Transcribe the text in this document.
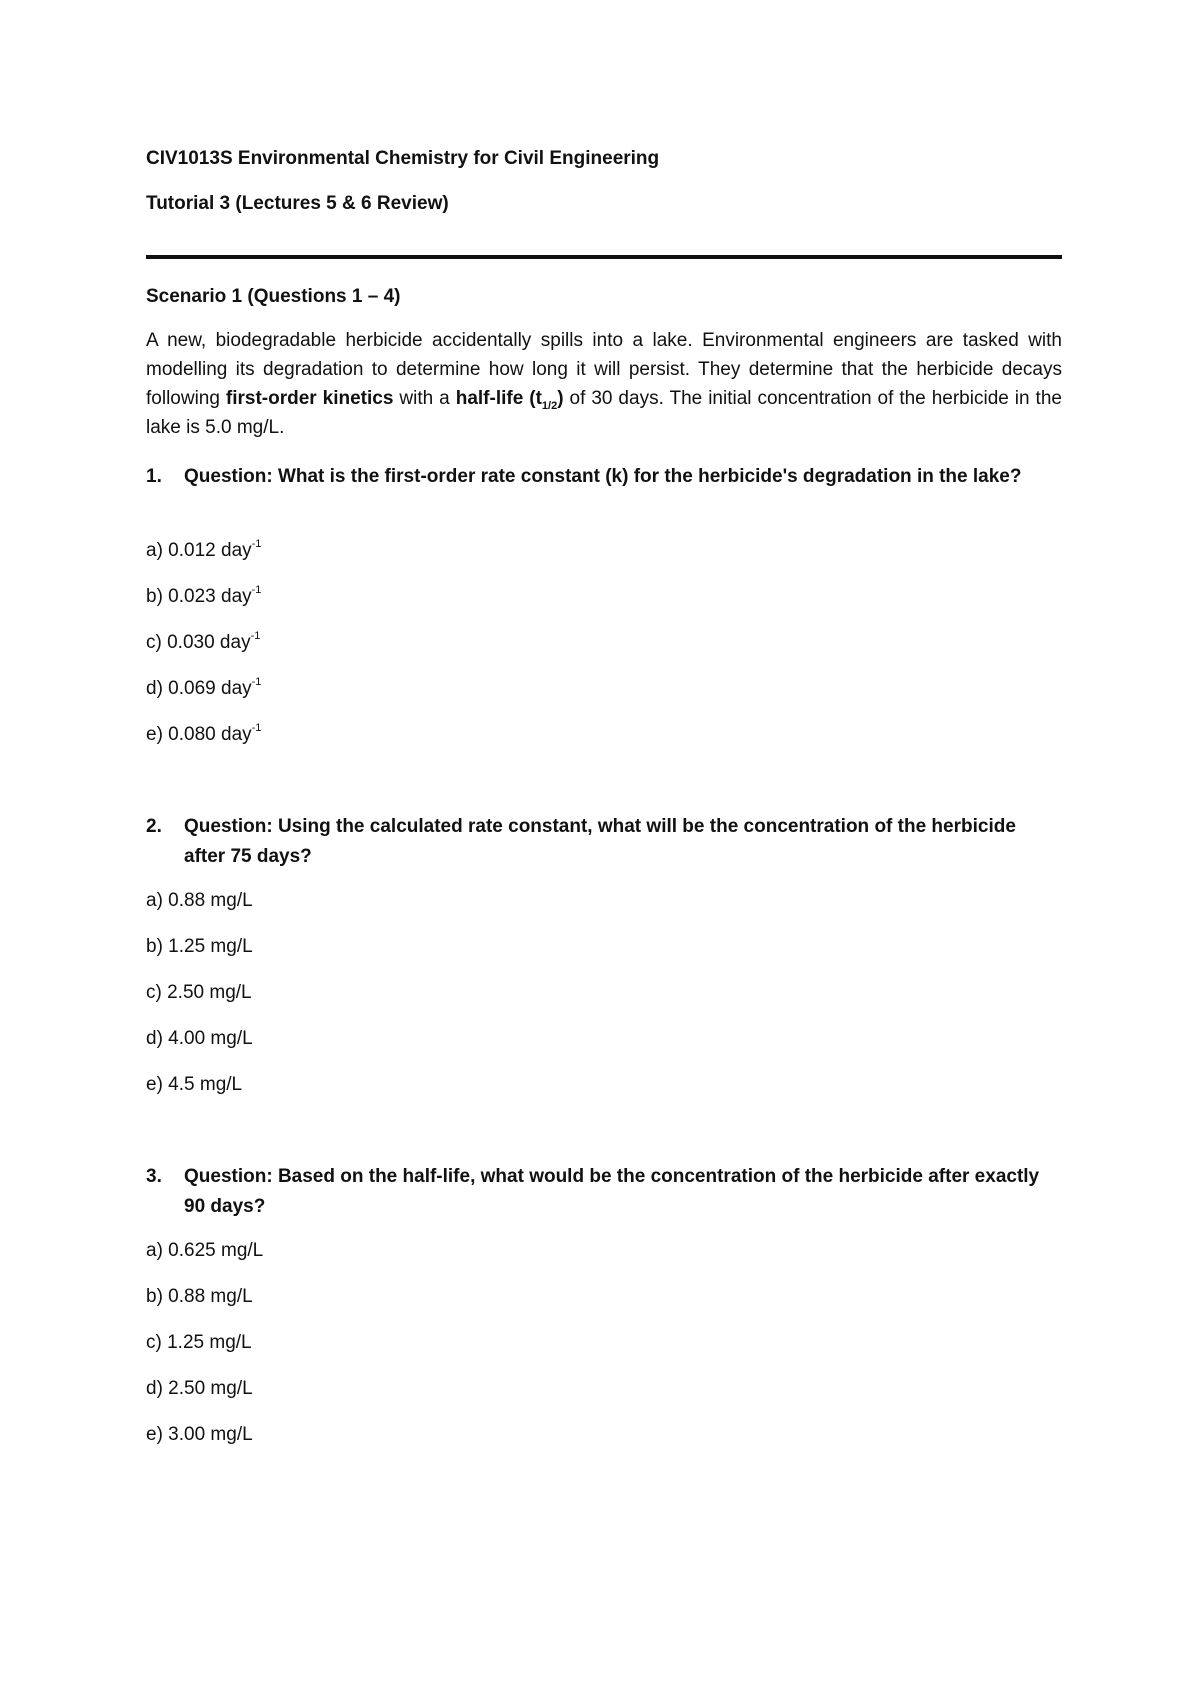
CIV1013S Environmental Chemistry for Civil Engineering
Tutorial 3 (Lectures 5 & 6 Review)
Scenario 1 (Questions 1 – 4)
A new, biodegradable herbicide accidentally spills into a lake. Environmental engineers are tasked with modelling its degradation to determine how long it will persist. They determine that the herbicide decays following first-order kinetics with a half-life $(t_{1/2})$ of 30 days. The initial concentration of the herbicide in the lake is 5.0 mg/L.
1. Question: What is the first-order rate constant (k) for the herbicide's degradation in the lake?
a) 0.012 day$^{-1}$
b) 0.023 day$^{-1}$
c) 0.030 day$^{-1}$
d) 0.069 day$^{-1}$
e) 0.080 day$^{-1}$
2. Question: Using the calculated rate constant, what will be the concentration of the herbicide after 75 days?
a) 0.88 mg/L
b) 1.25 mg/L
c) 2.50 mg/L
d) 4.00 mg/L
e) 4.5 mg/L
3. Question: Based on the half-life, what would be the concentration of the herbicide after exactly 90 days?
a) 0.625 mg/L
b) 0.88 mg/L
c) 1.25 mg/L
d) 2.50 mg/L
e) 3.00 mg/L
